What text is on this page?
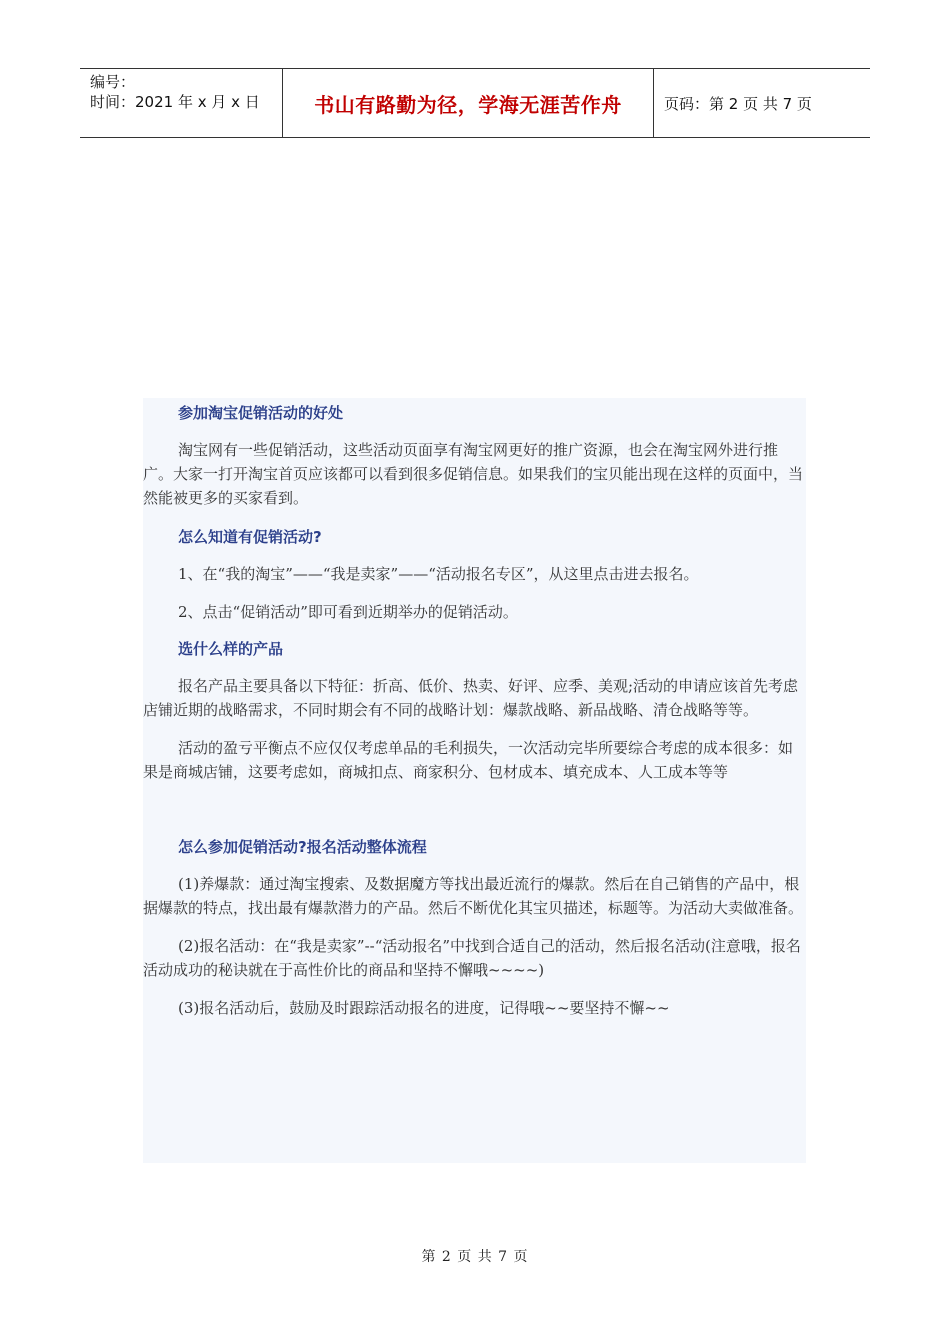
编号：
时间：2021 年 x 月 x 日	书山有路勤为径，学海无涯苦作舟	页码：第 2 页 共 7 页
参加淘宝促销活动的好处

淘宝网有一些促销活动，这些活动页面享有淘宝网更好的推广资源，也会在淘宝网外进行推广。大家一打开淘宝首页应该都可以看到很多促销信息。如果我们的宝贝能出现在这样的页面中，当然能被更多的买家看到。

怎么知道有促销活动?

1、在“我的淘宝”——“我是卖家”——“活动报名专区”，从这里点击进去报名。

2、点击“促销活动”即可看到近期举办的促销活动。

选什么样的产品

报名产品主要具备以下特征：折高、低价、热卖、好评、应季、美观;活动的申请应该首先考虑店铺近期的战略需求，不同时期会有不同的战略计划：爆款战略、新品战略、清仓战略等等。

活动的盈亏平衡点不应仅仅考虑单品的毛利损失，一次活动完毕所要综合考虑的成本很多：如果是商城店铺，这要考虑如，商城扣点、商家积分、包材成本、填充成本、人工成本等等

怎么参加促销活动?报名活动整体流程

(1)养爆款：通过淘宝搜索、及数据魔方等找出最近流行的爆款。然后在自己销售的产品中，根据爆款的特点，找出最有爆款潜力的产品。然后不断优化其宝贝描述，标题等。为活动大卖做准备。

(2)报名活动：在“我是卖家”--“活动报名”中找到合适自己的活动，然后报名活动(注意哦，报名活动成功的秘诀就在于高性价比的商品和坚持不懈哦~~~~)

(3)报名活动后，鼓励及时跟踪活动报名的进度，记得哦~~要坚持不懈~~

第 2 页 共 7 页
